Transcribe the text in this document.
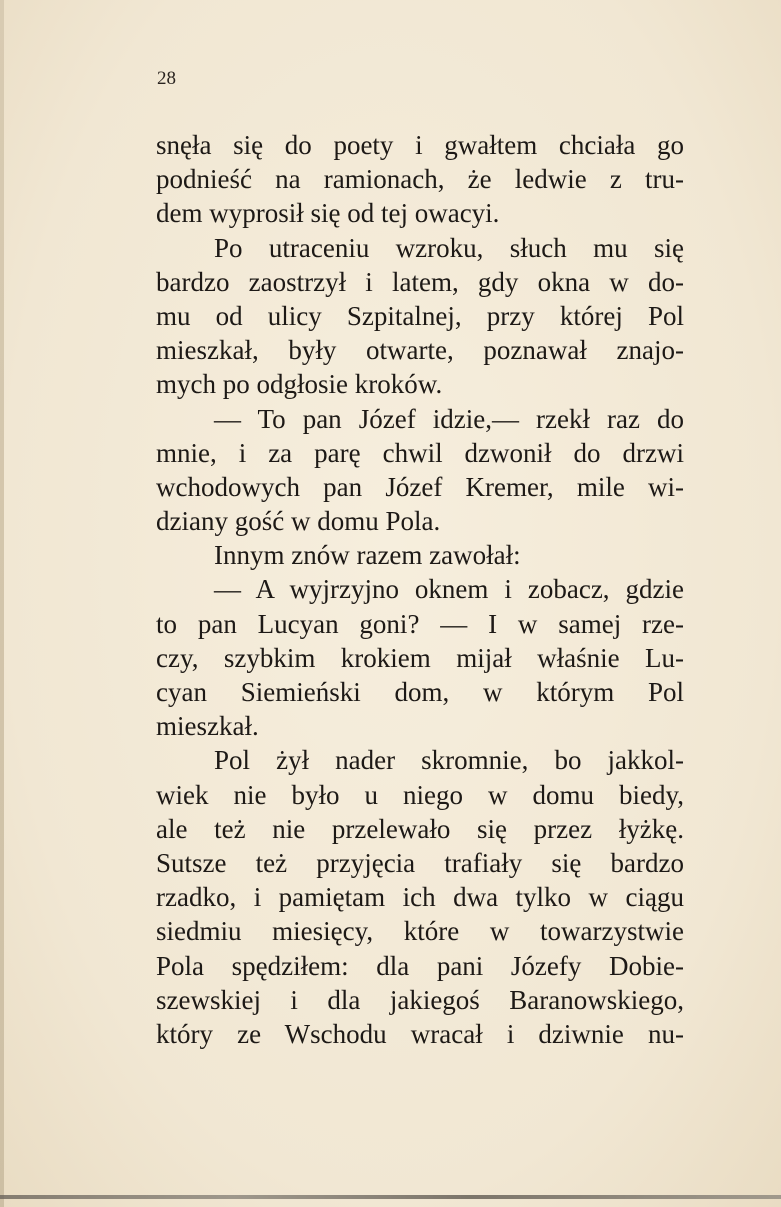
28
snęła się do poety i gwałtem chciała go
podnieść na ramionach, że ledwie z tru-
dem wyprosił się od tej owacyi.
Po utraceniu wzroku, słuch mu się
bardzo zaostrzył i latem, gdy okna w do-
mu od ulicy Szpitalnej, przy której Pol
mieszkał, były otwarte, poznawał znajo-
mych po odgłosie kroków.
— To pan Józef idzie,— rzekł raz do
mnie, i za parę chwil dzwonił do drzwi
wchodowych pan Józef Kremer, mile wi-
dziany gość w domu Pola.
Innym znów razem zawołał:
— A wyjrzyjno oknem i zobacz, gdzie
to pan Lucyan goni? — I w samej rze-
czy, szybkim krokiem mijał właśnie Lu-
cyan Siemieński dom, w którym Pol
mieszkał.
Pol żył nader skromnie, bo jakkol-
wiek nie było u niego w domu biedy,
ale też nie przelewało się przez łyżkę.
Sutsze też przyjęcia trafiały się bardzo
rzadko, i pamiętam ich dwa tylko w ciągu
siedmiu miesięcy, które w towarzystwie
Pola spędziłem: dla pani Józefy Dobie-
szewskiej i dla jakiegoś Baranowskiego,
który ze Wschodu wracał i dziwnie nu-
